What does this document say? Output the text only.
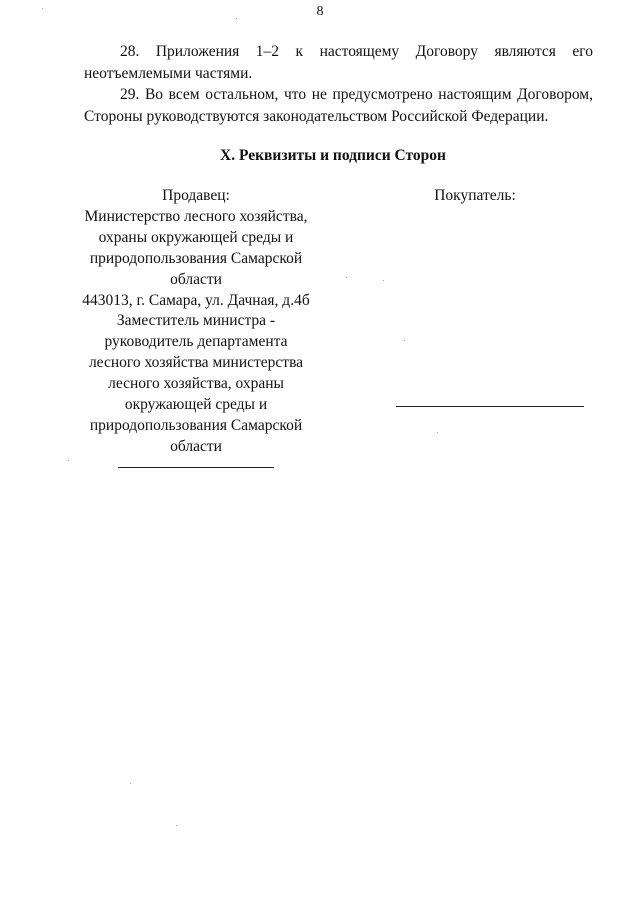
8

28. Приложения 1–2 к настоящему Договору являются его
неотъемлемыми частями.

29. Во всем остальном, что не предусмотрено настоящим Договором,
Стороны руководствуются законодательством Российской Федерации.

X. Реквизиты и подписи Сторон
Продавец:
Министерство лесного хозяйства,
охраны окружающей среды и
природопользования Самарской
области
443013, г. Самара, ул. Дачная, д.4б
Заместитель министра -
руководитель департамента
лесного хозяйства министерства
лесного хозяйства, охраны
окружающей среды и
природопользования Самарской
области
Покупатель:
